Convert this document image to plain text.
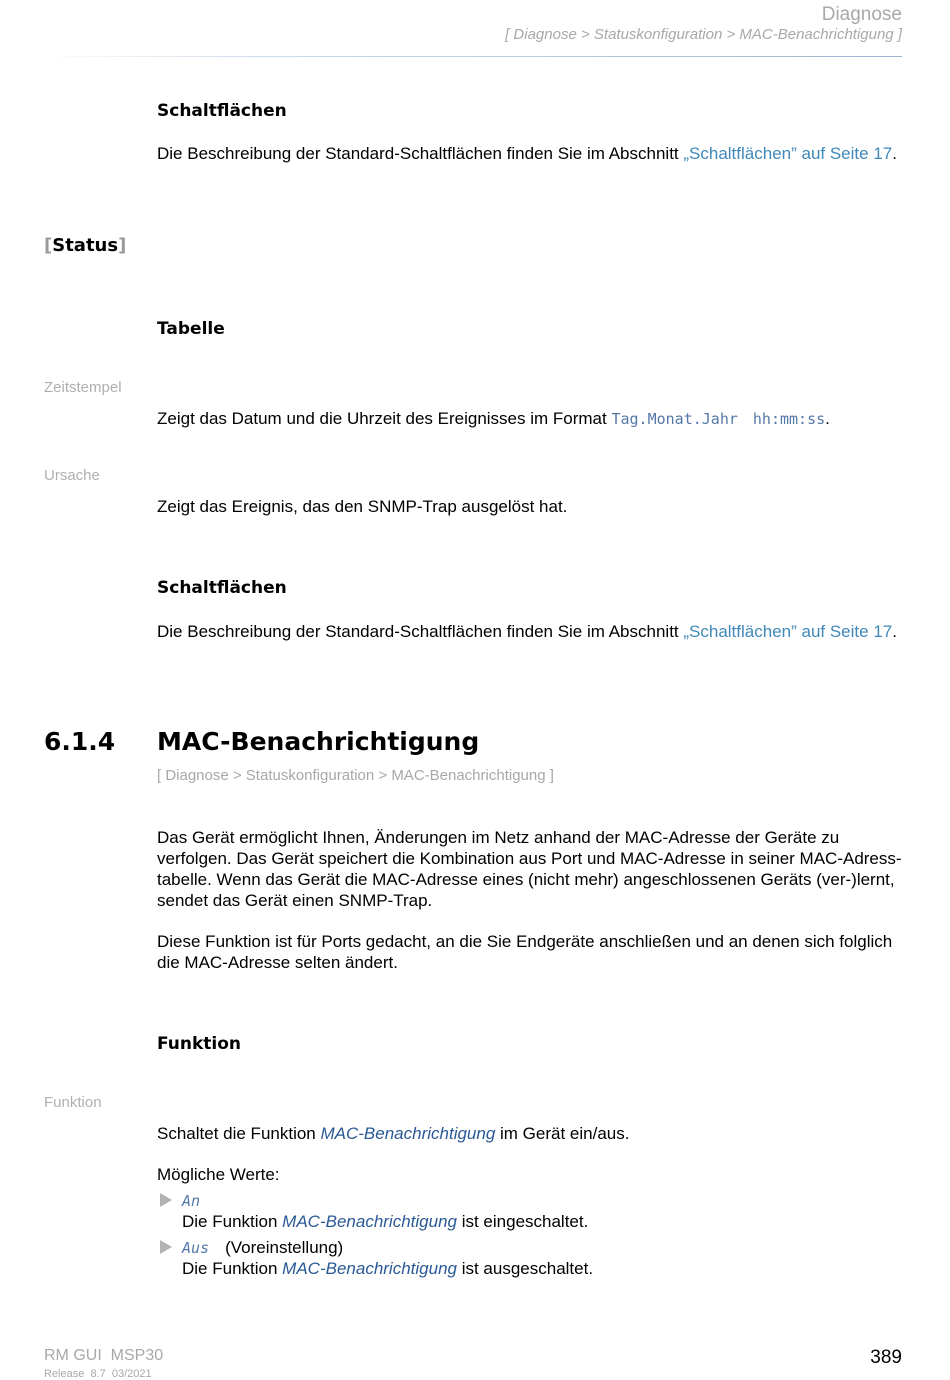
Diagnose
[ Diagnose > Statuskonfiguration > MAC-Benachrichtigung ]
Schaltflächen
Die Beschreibung der Standard-Schaltflächen finden Sie im Abschnitt „Schaltflächen” auf Seite 17.
[Status]
Tabelle
Zeitstempel
Zeigt das Datum und die Uhrzeit des Ereignisses im Format Tag.Monat.Jahr hh:mm:ss.
Ursache
Zeigt das Ereignis, das den SNMP-Trap ausgelöst hat.
Schaltflächen
Die Beschreibung der Standard-Schaltflächen finden Sie im Abschnitt „Schaltflächen” auf Seite 17.
6.1.4 MAC-Benachrichtigung
[ Diagnose > Statuskonfiguration > MAC-Benachrichtigung ]

Das Gerät ermöglicht Ihnen, Änderungen im Netz anhand der MAC-Adresse der Geräte zu

verfolgen. Das Gerät speichert die Kombination aus Port und MAC-Adresse in seiner MAC-Adress-

tabelle. Wenn das Gerät die MAC-Adresse eines (nicht mehr) angeschlossenen Geräts (ver-)lernt,

sendet das Gerät einen SNMP-Trap.

Diese Funktion ist für Ports gedacht, an die Sie Endgeräte anschließen und an denen sich folglich

die MAC-Adresse selten ändert.

Funktion
Funktion
Schaltet die Funktion MAC-Benachrichtigung im Gerät ein/aus.
Mögliche Werte:
An
Die Funktion MAC-Benachrichtigung ist eingeschaltet.
Aus (Voreinstellung)
Die Funktion MAC-Benachrichtigung ist ausgeschaltet.
RM GUI  MSP30
Release  8.7  03/2021
389
